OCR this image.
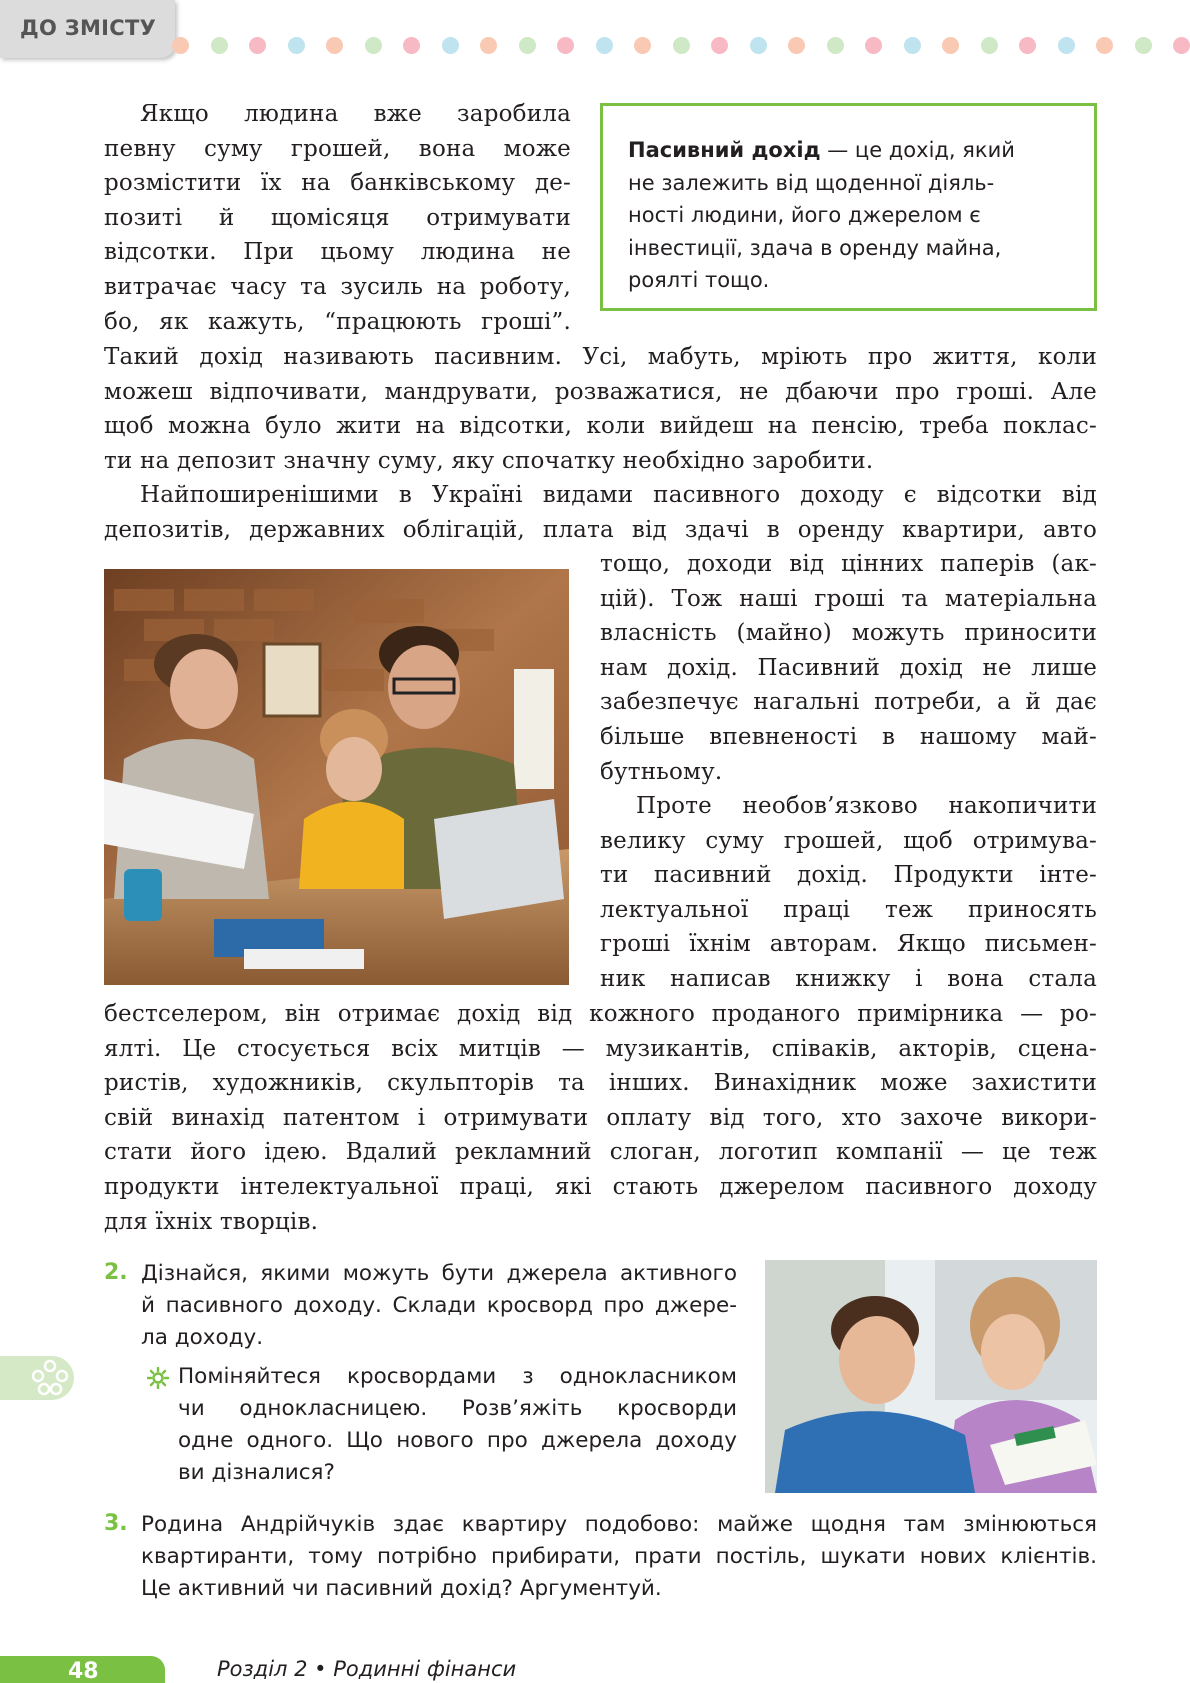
ДО ЗМІСТУ
Якщо людина вже заробила
певну суму грошей, вона може
розмістити їх на банківському де-
позиті й щомісяця отримувати
відсотки. При цьому людина не
витрачає часу та зусиль на роботу,
бо, як кажуть, “працюють гроші”.
Пасивний дохід — це дохід, який
не залежить від щоденної діяль-
ності людини, його джерелом є
інвестиції, здача в оренду майна,
роялті тощо.
Такий дохід називають пасивним. Усі, мабуть, мріють про життя, коли
можеш відпочивати, мандрувати, розважатися, не дбаючи про гроші. Але
щоб можна було жити на відсотки, коли вийдеш на пенсію, треба поклас-
ти на депозит значну суму, яку спочатку необхідно заробити.
Найпоширенішими в Україні видами пасивного доходу є відсотки від
депозитів, державних облігацій, плата від здачі в оренду квартири, авто
тощо, доходи від цінних паперів (ак-
цій). Тож наші гроші та матеріальна
власність (майно) можуть приносити
нам дохід. Пасивний дохід не лише
забезпечує нагальні потреби, а й дає
більше впевненості в нашому май-
бутньому.
Проте необов’язково накопичити
велику суму грошей, щоб отримува-
ти пасивний дохід. Продукти інте-
лектуальної праці теж приносять
гроші їхнім авторам. Якщо письмен-
ник написав книжку і вона стала
бестселером, він отримає дохід від кожного проданого примірника — ро-
ялті. Це стосується всіх митців — музикантів, співаків, акторів, сцена-
ристів, художників, скульпторів та інших. Винахідник може захистити
свій винахід патентом і отримувати оплату від того, хто захоче викори-
стати його ідею. Вдалий рекламний слоган, логотип компанії — це теж
продукти інтелектуальної праці, які стають джерелом пасивного доходу
для їхніх творців.
2. Дізнайся, якими можуть бути джерела активного
й пасивного доходу. Склади кросворд про джере-
ла доходу.
Поміняйтеся кросвордами з однокласником
чи однокласницею. Розв’яжіть кросворди
одне одного. Що нового про джерела доходу
ви дізналися?
3. Родина Андрійчуків здає квартиру подобово: майже щодня там змінюються
квартиранти, тому потрібно прибирати, прати постіль, шукати нових клієнтів.
Це активний чи пасивний дохід? Аргументуй.
48	Розділ 2 • Родинні фінанси
